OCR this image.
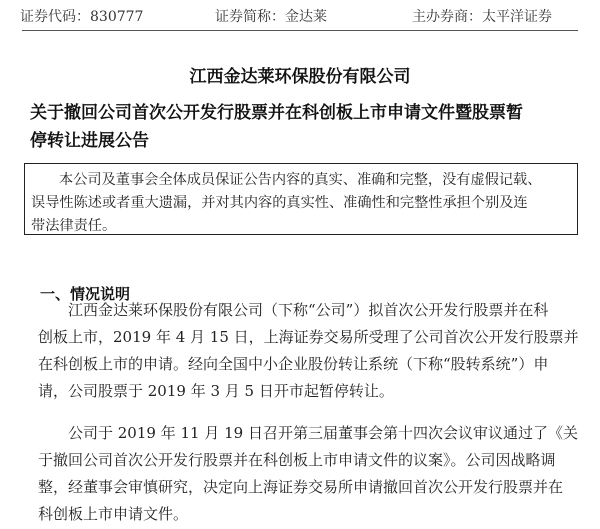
证券代码：830777	证券简称：金达莱	主办券商：太平洋证券
江西金达莱环保股份有限公司
关于撤回公司首次公开发行股票并在科创板上市申请文件暨股票暂
停转让进展公告
本公司及董事会全体成员保证公告内容的真实、准确和完整，没有虚假记载、
误导性陈述或者重大遗漏，并对其内容的真实性、准确性和完整性承担个别及连
带法律责任。
一、情况说明
江西金达莱环保股份有限公司（下称“公司”）拟首次公开发行股票并在科
创板上市，2019 年 4 月 15 日，上海证券交易所受理了公司首次公开发行股票并
在科创板上市的申请。经向全国中小企业股份转让系统（下称“股转系统”）申
请，公司股票于 2019 年 3 月 5 日开市起暂停转让。
公司于 2019 年 11 月 19 日召开第三届董事会第十四次会议审议通过了《关
于撤回公司首次公开发行股票并在科创板上市申请文件的议案》。公司因战略调
整，经董事会审慎研究，决定向上海证券交易所申请撤回首次公开发行股票并在
科创板上市申请文件。
